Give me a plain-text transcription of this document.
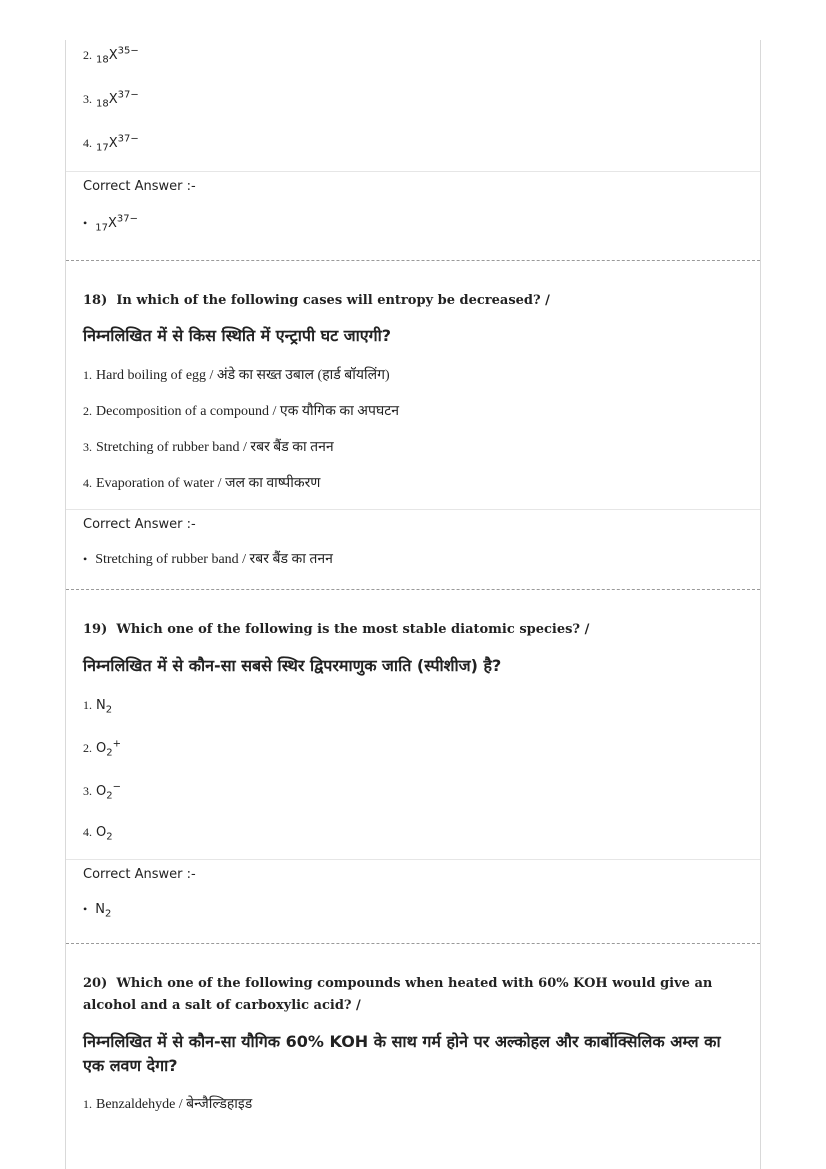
2. $_{18}X^{35-}$
3. $_{18}X^{37-}$
4. $_{17}X^{37-}$
Correct Answer :-
• $_{17}X^{37-}$
18) In which of the following cases will entropy be decreased? /
निम्नलिखित में से किस स्थिति में एन्ट्रापी घट जाएगी?
1. Hard boiling of egg / अंडे का सख्त उबाल (हार्ड बॉयलिंग)
2. Decomposition of a compound / एक यौगिक का अपघटन
3. Stretching of rubber band / रबर बैंड का तनन
4. Evaporation of water / जल का वाष्पीकरण
Correct Answer :-
• Stretching of rubber band / रबर बैंड का तनन
19) Which one of the following is the most stable diatomic species? /
निम्नलिखित में से कौन-सा सबसे स्थिर द्विपरमाणुक जाति (स्पीशीज) है?
1. $N_2$
2. $O_2^+$
3. $O_2^-$
4. $O_2$
Correct Answer :-
• $N_2$
20) Which one of the following compounds when heated with 60% KOH would give an alcohol and a salt of carboxylic acid? /
निम्नलिखित में से कौन-सा यौगिक 60% KOH के साथ गर्म होने पर अल्कोहल और कार्बोक्सिलिक अम्ल का एक लवण देगा?
1. Benzaldehyde / बेन्जैल्डिहाइड
